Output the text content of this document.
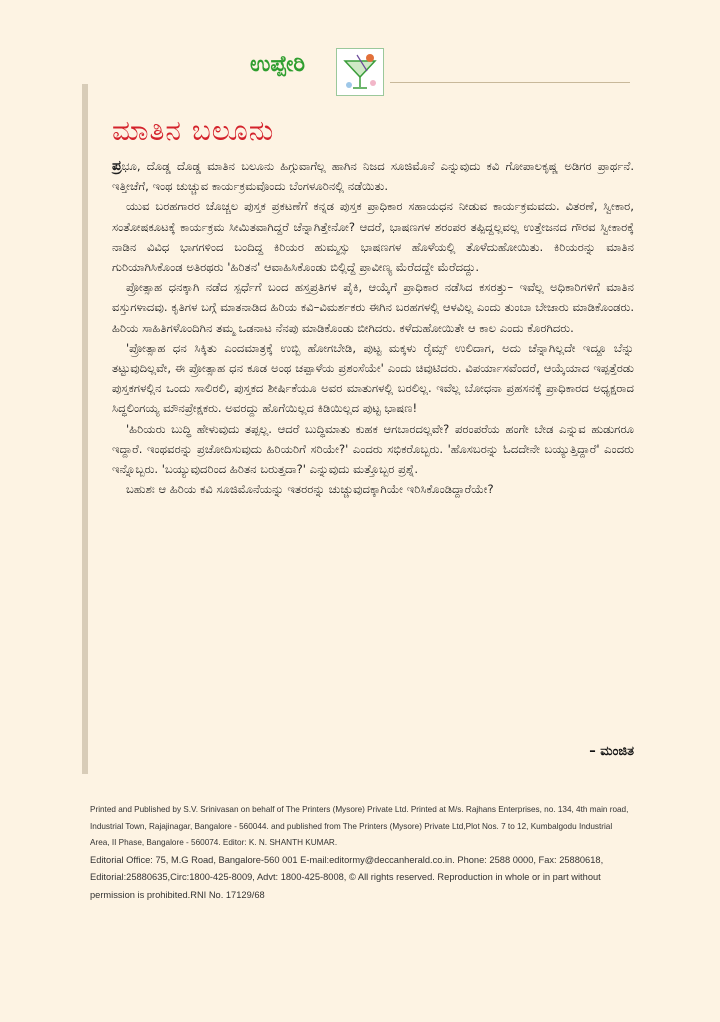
ಉಪ್ಪೇರಿ
ಮಾತಿನ ಬಲೂನು

ಪ್ರಭೂ, ದೊಡ್ಡ ದೊಡ್ಡ ಮಾತಿನ ಬಲೂನು ಹಿಗ್ಗುವಾಗೆಲ್ಲ ಹಾಗಿನ ನಿಜದ ಸೂಜಿಮೊನೆ ಎನ್ನುವುದು ಕವಿ ಗೋಪಾಲಕೃಷ್ಣ ಅಡಿಗರ ಪ್ರಾರ್ಥನೆ. ಇತ್ತೀಚೆಗೆ, ಇಂಥ ಚುಚ್ಚುವ ಕಾರ್ಯಕ್ರಮವೊಂದು ಬೆಂಗಳೂರಿನಲ್ಲಿ ನಡೆಯಿತು.

ಯುವ ಬರಹಗಾರರ ಚೊಚ್ಚಲ ಪುಸ್ತಕ ಪ್ರಕಟಣೆಗೆ ಕನ್ನಡ ಪುಸ್ತಕ ಪ್ರಾಧಿಕಾರ ಸಹಾಯಧನ ನೀಡುವ ಕಾರ್ಯಕ್ರಮವದು. ವಿತರಣೆ, ಸ್ವೀಕಾರ, ಸಂತೋಷಕೂಟಕ್ಕೆ ಕಾರ್ಯಕ್ರಮ ಸೀಮಿತವಾಗಿದ್ದರೆ ಚೆನ್ನಾಗಿತ್ತೇನೋ? ಆದರೆ, ಭಾಷಣಗಳ ಶರಂಪರ ತಪ್ಪಿದ್ದಲ್ಲವಲ್ಲ ಉತ್ತೇಜನದ ಗೌರವ ಸ್ವೀಕಾರಕ್ಕೆ ನಾಡಿನ ವಿವಿಧ ಭಾಗಗಳಿಂದ ಬಂದಿದ್ದ ಕಿರಿಯರ ಹುಮ್ಮಸ್ಸು ಭಾಷಣಗಳ ಹೊಳೆಯಲ್ಲಿ ತೊಳೆದುಹೋಯಿತು. ಕಿರಿಯರನ್ನು ಮಾತಿನ ಗುರಿಯಾಗಿಸಿಕೊಂಡ ಅತಿರಥರು 'ಹಿರಿತನ' ಆವಾಹಿಸಿಕೊಂಡು ಬಿಲ್ಲಿದ್ದೆ ಪ್ರಾವೀಣ್ಯ ಮೆರೆದದ್ದೇ ಮೆರೆದದ್ದು.

ಪ್ರೋತ್ಸಾಹ ಧನಕ್ಕಾಗಿ ನಡೆದ ಸ್ಪರ್ಧೆಗೆ ಬಂದ ಹಸ್ತಪ್ರತಿಗಳ ಪೈಕಿ, ಆಯ್ಕೆಗೆ ಪ್ರಾಧಿಕಾರ ನಡೆಸಿದ ಕಸರತ್ತು– ಇವೆಲ್ಲ ಅಧಿಕಾರಿಗಳಿಗೆ ಮಾತಿನ ವಸ್ತುಗಳಾದವು. ಕೃತಿಗಳ ಬಗ್ಗೆ ಮಾತನಾಡಿದ ಹಿರಿಯ ಕವಿ–ವಿಮರ್ಶಕರು ಈಗಿನ ಬರಹಗಳಲ್ಲಿ ಆಳವಿಲ್ಲ ಎಂದು ತುಂಬಾ ಬೇಜಾರು ಮಾಡಿಕೊಂಡರು. ಹಿರಿಯ ಸಾಹಿತಿಗಳೊಂದಿಗಿನ ತಮ್ಮ ಒಡನಾಟ ನೆನಪು ಮಾಡಿಕೊಂಡು ಬೀಗಿದರು. ಕಳೆದುಹೋಯಿತೇ ಆ ಕಾಲ ಎಂದು ಕೊರಗಿದರು.

'ಪ್ರೋತ್ಸಾಹ ಧನ ಸಿಕ್ಕಿತು ಎಂದಮಾತ್ರಕ್ಕೆ ಉಬ್ಬಿ ಹೋಗಬೇಡಿ, ಪುಟ್ಟ ಮಕ್ಕಳು ರೈಮ್ಸ್ ಉಲಿದಾಗ, ಅದು ಚೆನ್ನಾಗಿಲ್ಲದೇ ಇದ್ದೂ ಬೆನ್ನು ತಟ್ಟುವುದಿಲ್ಲವೇ, ಈ ಪ್ರೋತ್ಸಾಹ ಧನ ಕೂಡ ಅಂಥ ಚಪ್ಪಾಳೆಯ ಪ್ರಶಂಸೆಯೇ' ಎಂದು ಚಿವುಟಿದರು. ವಿಪರ್ಯಾಸವೆಂದರೆ, ಆಯ್ಕೆಯಾದ ಇಪ್ಪತ್ತೆರಡು ಪುಸ್ತಕಗಳಲ್ಲಿನ ಒಂದು ಸಾಲಿರಲಿ, ಪುಸ್ತಕದ ಶೀರ್ಷಿಕೆಯೂ ಅವರ ಮಾತುಗಳಲ್ಲಿ ಬರಲಿಲ್ಲ. ಇವೆಲ್ಲ ಬೋಧನಾ ಪ್ರಹಸನಕ್ಕೆ ಪ್ರಾಧಿಕಾರದ ಅಧ್ಯಕ್ಷರಾದ ಸಿದ್ಧಲಿಂಗಯ್ಯ ಮೌನಪ್ರೇಕ್ಷಕರು. ಅವರದ್ದು ಹೊಗೆಯಿಲ್ಲದ ಕಿಡಿಯಿಲ್ಲದ ಪುಟ್ಟ ಭಾಷಣ!

'ಹಿರಿಯರು ಬುದ್ಧಿ ಹೇಳುವುದು ತಪ್ಪಲ್ಲ. ಆದರೆ ಬುದ್ಧಿಮಾತು ಕುಹಕ ಆಗಬಾರದಲ್ಲವೇ? ಪರಂಪರೆಯ ಹಂಗೇ ಬೇಡ ಎನ್ನುವ ಹುಡುಗರೂ ಇದ್ದಾರೆ. ಇಂಥವರನ್ನು ಪ್ರಚೋದಿಸುವುದು ಹಿರಿಯರಿಗೆ ಸರಿಯೇ?' ಎಂದರು ಸಭಿಕರೊಬ್ಬರು. 'ಹೊಸಬರನ್ನು ಓದದೇನೇ ಬಯ್ಯುತ್ತಿದ್ದಾರೆ' ಎಂದರು ಇನ್ನೊಬ್ಬರು. 'ಬಯ್ಯುವುದರಿಂದ ಹಿರಿತನ ಬರುತ್ತದಾ?' ಎನ್ನುವುದು ಮತ್ತೊಬ್ಬರ ಪ್ರಶ್ನೆ.

ಬಹುಶಃ ಆ ಹಿರಿಯ ಕವಿ ಸೂಜಿಮೊನೆಯನ್ನು ಇತರರನ್ನು ಚುಚ್ಚುವುದಕ್ಕಾಗಿಯೇ ಇರಿಸಿಕೊಂಡಿದ್ದಾರೆಯೇ?

– ಮಂಜಿತ

Printed and Published by S.V. Srinivasan on behalf of The Printers (Mysore) Private Ltd. Printed at M/s. Rajhans Enterprises, no. 134, 4th main road, Industrial Town, Rajajinagar, Bangalore - 560044. and published from The Printers (Mysore) Private Ltd,Plot Nos. 7 to 12, Kumbalgodu Industrial Area, II Phase, Bangalore - 560074. Editor: K. N. SHANTH KUMAR.

Editorial Office: 75, M.G Road, Bangalore-560 001 E-mail:editormy@deccanherald.co.in. Phone: 2588 0000, Fax: 25880618, Editorial:25880635,Circ:1800-425-8009, Advt: 1800-425-8008, © All rights reserved. Reproduction in whole or in part without permission is prohibited.RNI No. 17129/68
